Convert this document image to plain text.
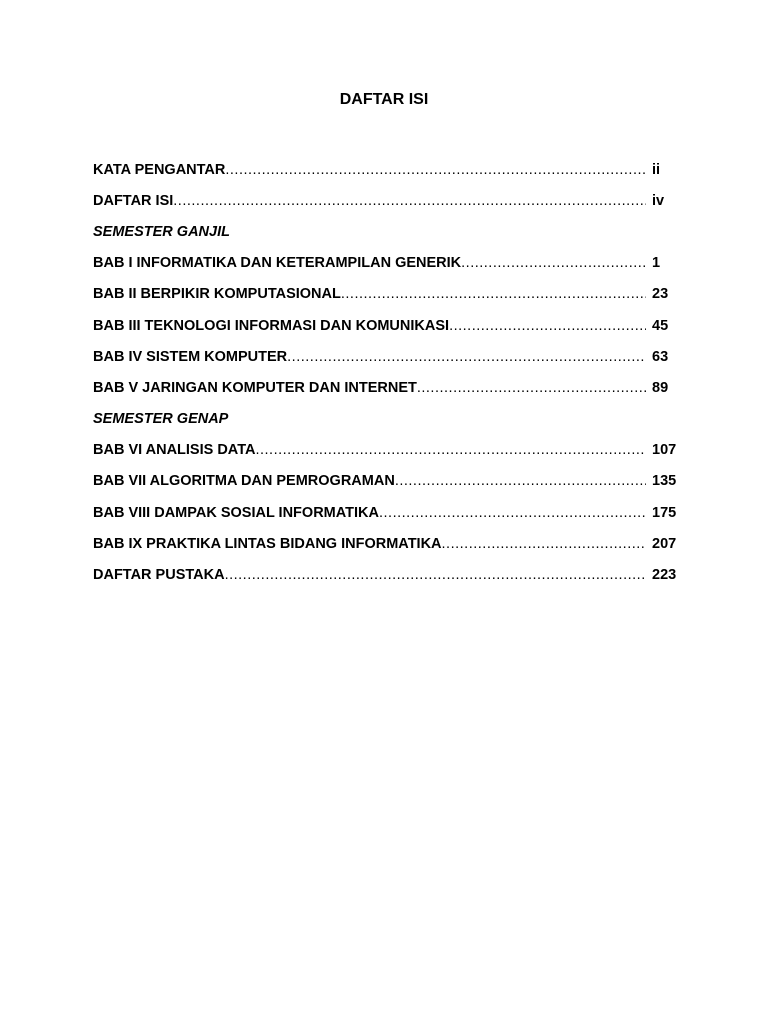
DAFTAR ISI
KATA PENGANTAR .....	ii
DAFTAR ISI .....	iv
SEMESTER GANJIL
BAB I INFORMATIKA DAN KETERAMPILAN GENERIK .....	1
BAB II BERPIKIR KOMPUTASIONAL .....	23
BAB III TEKNOLOGI INFORMASI DAN KOMUNIKASI .....	45
BAB IV SISTEM KOMPUTER .....	63
BAB V JARINGAN KOMPUTER DAN INTERNET .....	89
SEMESTER GENAP
BAB VI ANALISIS DATA .....	107
BAB VII ALGORITMA DAN PEMROGRAMAN .....	135
BAB VIII DAMPAK SOSIAL INFORMATIKA .....	175
BAB IX PRAKTIKA LINTAS BIDANG INFORMATIKA .....	207
DAFTAR PUSTAKA .....	223
